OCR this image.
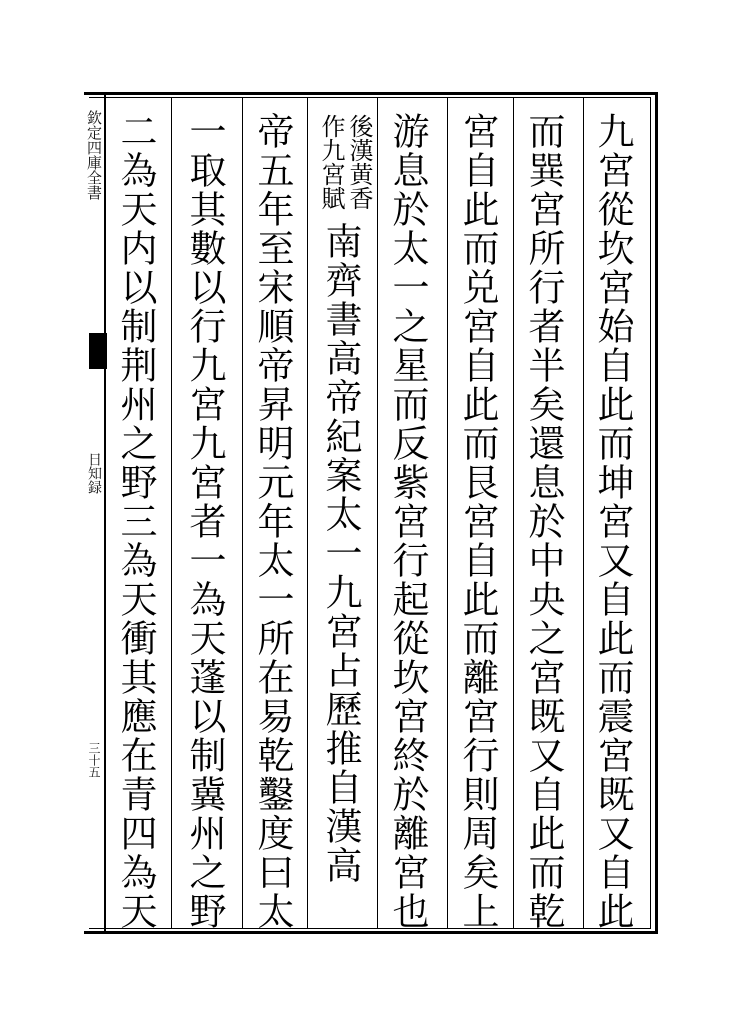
欽定四庫全書
日知録
三十五	九宮從坎宮始自此而坤宮又自此而震宮既又自此
而巽宮所行者半矣還息於中央之宮既又自此而乾
宮自此而兑宮自此而艮宮自此而離宮行則周矣上
游息於太一之星而反紫宮行起從坎宮終於離宮也
後漢黄香
作九宮賦
南齊書高帝紀案太一九宮占歷推自漢高
帝五年至宋順帝昇明元年太一所在易乾鑿度曰太
一取其數以行九宮九宮者一為天蓬以制冀州之野
二為天内以制荆州之野三為天衝其應在青四為天
